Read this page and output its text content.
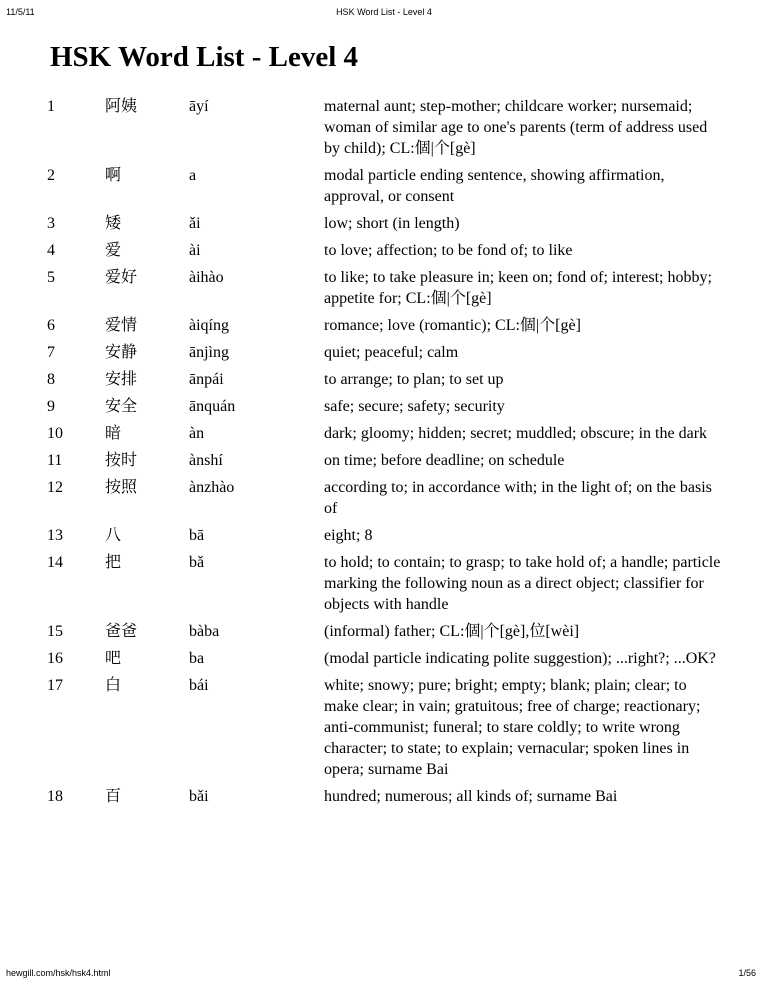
11/5/11	HSK Word List - Level 4
HSK Word List - Level 4
1	阿姨	āyí	maternal aunt; step-mother; childcare worker; nursemaid; woman of similar age to one's parents (term of address used by child); CL:個|个[gè]
2	啊	a	modal particle ending sentence, showing affirmation, approval, or consent
3	矮	ǎi	low; short (in length)
4	爱	ài	to love; affection; to be fond of; to like
5	爱好	àihào	to like; to take pleasure in; keen on; fond of; interest; hobby; appetite for; CL:個|个[gè]
6	爱情	àiqíng	romance; love (romantic); CL:個|个[gè]
7	安静	ānjìng	quiet; peaceful; calm
8	安排	ānpái	to arrange; to plan; to set up
9	安全	ānquán	safe; secure; safety; security
10	暗	àn	dark; gloomy; hidden; secret; muddled; obscure; in the dark
11	按时	ànshí	on time; before deadline; on schedule
12	按照	ànzhào	according to; in accordance with; in the light of; on the basis of
13	八	bā	eight; 8
14	把	bǎ	to hold; to contain; to grasp; to take hold of; a handle; particle marking the following noun as a direct object; classifier for objects with handle
15	爸爸	bàba	(informal) father; CL:個|个[gè],位[wèi]
16	吧	ba	(modal particle indicating polite suggestion); ...right?; ...OK?
17	白	bái	white; snowy; pure; bright; empty; blank; plain; clear; to make clear; in vain; gratuitous; free of charge; reactionary; anti-communist; funeral; to stare coldly; to write wrong character; to state; to explain; vernacular; spoken lines in opera; surname Bai
18	百	bǎi	hundred; numerous; all kinds of; surname Bai
hewgill.com/hsk/hsk4.html	1/56
